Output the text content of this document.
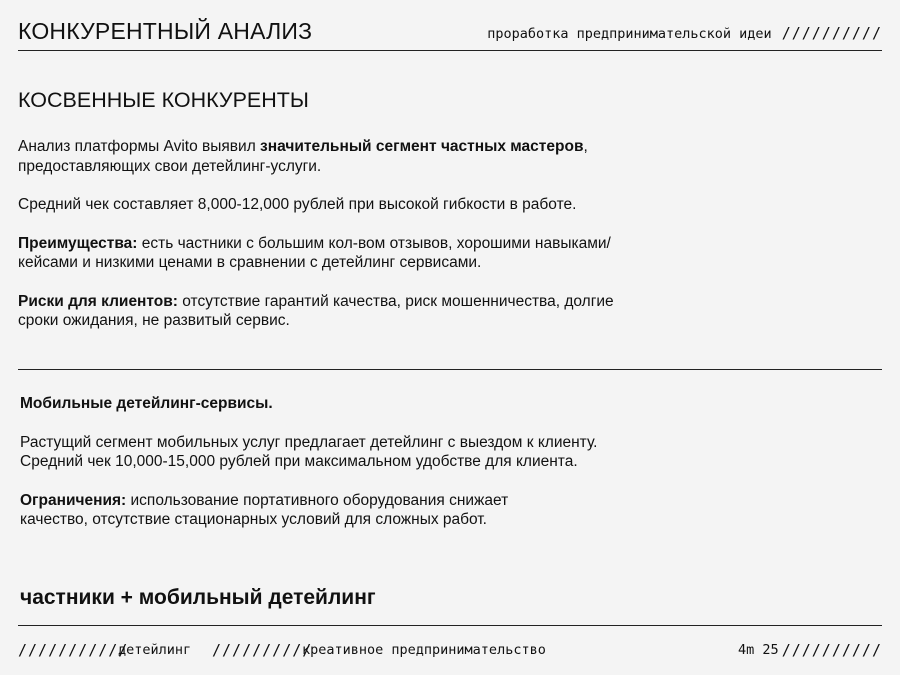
КОНКУРЕНТНЫЙ АНАЛИЗ	проработка предпринимательской идеи //////////
КОСВЕННЫЕ КОНКУРЕНТЫ

Анализ платформы Avito выявил значительный сегмент частных мастеров, предоставляющих свои детейлинг-услуги.

Средний чек составляет 8,000-12,000 рублей при высокой гибкости в работе.

Преимущества: есть частники с большим кол-вом отзывов, хорошими навыками/кейсами и низкими ценами в сравнении с детейлинг сервисами.

Риски для клиентов: отсутствие гарантий качества, риск мошенничества, долгие сроки ожидания, не развитый сервис.

Мобильные детейлинг-сервисы.

Растущий сегмент мобильных услуг предлагает детейлинг с выездом к клиенту. Средний чек 10,000-15,000 рублей при максимальном удобстве для клиента.

Ограничения: использование портативного оборудования снижает качество, отсутствие стационарных условий для сложных работ.

частники + мобильный детейлинг
///////////
детейлинг //////////
креативное предпринимательство	4m 25 //////////
